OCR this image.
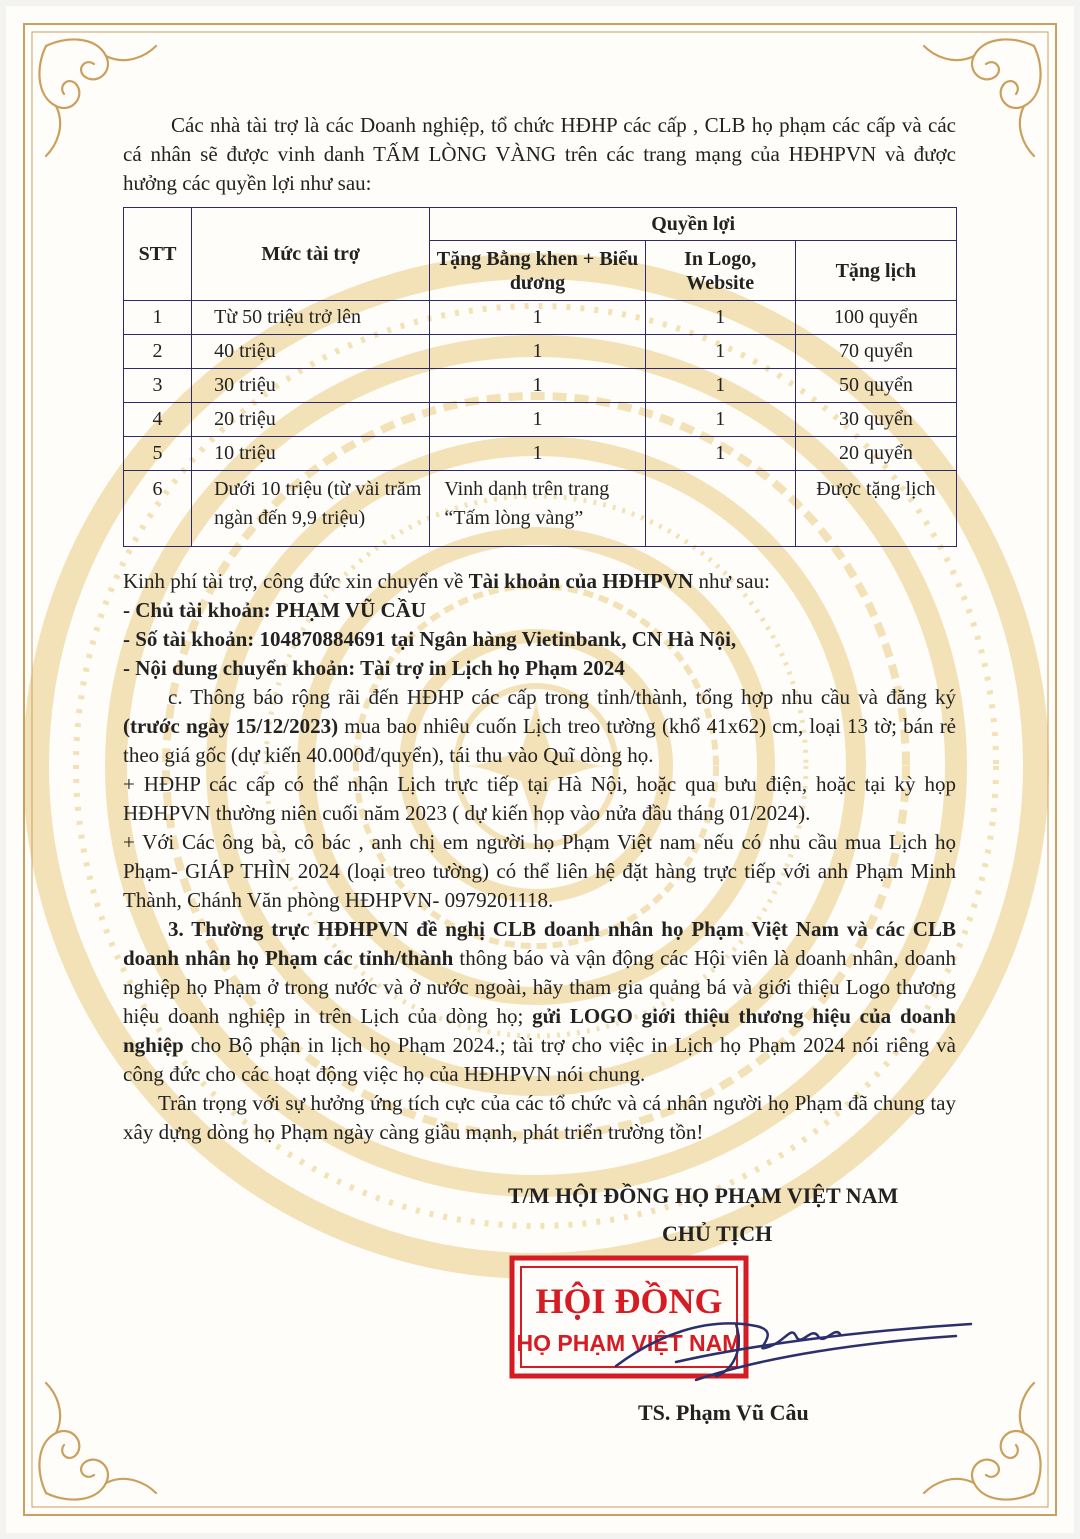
Các nhà tài trợ là các Doanh nghiệp, tổ chức HĐHP các cấp , CLB họ phạm các cấp và các cá nhân sẽ được vinh danh TẤM LÒNG VÀNG trên các trang mạng của HĐHPVN và được hưởng các quyền lợi như sau:

STT	Mức tài trợ	Quyền lợi		
		Tặng Bằng khen + Biểu dương	In Logo, Website	Tặng lịch
1	Từ 50 triệu trở lên	1	1	100 quyển
2	40 triệu	1	1	70 quyển
3	30 triệu	1	1	50 quyển
4	20 triệu	1	1	30 quyển
5	10 triệu	1	1	20 quyển
6	Dưới 10 triệu (từ vài trăm ngàn đến 9,9 triệu)	Vinh danh trên trang “Tấm lòng vàng”		Được tặng lịch

Kinh phí tài trợ, công đức xin chuyển về Tài khoản của HĐHPVN như sau:

- Chủ tài khoản: PHẠM VŨ CẦU

- Số tài khoản: 104870884691 tại Ngân hàng Vietinbank, CN Hà Nội,

- Nội dung chuyển khoản: Tài trợ in Lịch họ Phạm 2024

c. Thông báo rộng rãi đến HĐHP các cấp trong tỉnh/thành, tổng hợp nhu cầu và đăng ký (trước ngày 15/12/2023) mua bao nhiêu cuốn Lịch treo tường (khổ 41x62) cm, loại 13 tờ; bán rẻ theo giá gốc (dự kiến 40.000đ/quyển), tái thu vào Quĩ dòng họ.

+ HĐHP các cấp có thể nhận Lịch trực tiếp tại Hà Nội, hoặc qua bưu điện, hoặc tại kỳ họp HĐHPVN thường niên cuối năm 2023 ( dự kiến họp vào nửa đầu tháng 01/2024).

+ Với Các ông bà, cô bác , anh chị em người họ Phạm Việt nam nếu có nhu cầu mua Lịch họ Phạm- GIÁP THÌN 2024 (loại treo tường) có thể liên hệ đặt hàng trực tiếp với anh Phạm Minh Thành, Chánh Văn phòng HĐHPVN- 0979201118.

3. Thường trực HĐHPVN đề nghị CLB doanh nhân họ Phạm Việt Nam và các CLB doanh nhân họ Phạm các tỉnh/thành thông báo và vận động các Hội viên là doanh nhân, doanh nghiệp họ Phạm ở trong nước và ở nước ngoài, hãy tham gia quảng bá và giới thiệu Logo thương hiệu doanh nghiệp in trên Lịch của dòng họ; gửi LOGO giới thiệu thương hiệu của doanh nghiệp cho Bộ phận in lịch họ Phạm 2024.; tài trợ cho việc in Lịch họ Phạm 2024 nói riêng và công đức cho các hoạt động việc họ của HĐHPVN nói chung.

Trân trọng với sự hưởng ứng tích cực của các tổ chức và cá nhân người họ Phạm đã chung tay xây dựng dòng họ Phạm ngày càng giầu mạnh, phát triển trường tồn!

T/M HỘI ĐỒNG HỌ PHẠM VIỆT NAM

CHỦ TỊCH

HỘI ĐỒNG
HỌ PHẠM VIỆT NAM

TS. Phạm Vũ Câu
